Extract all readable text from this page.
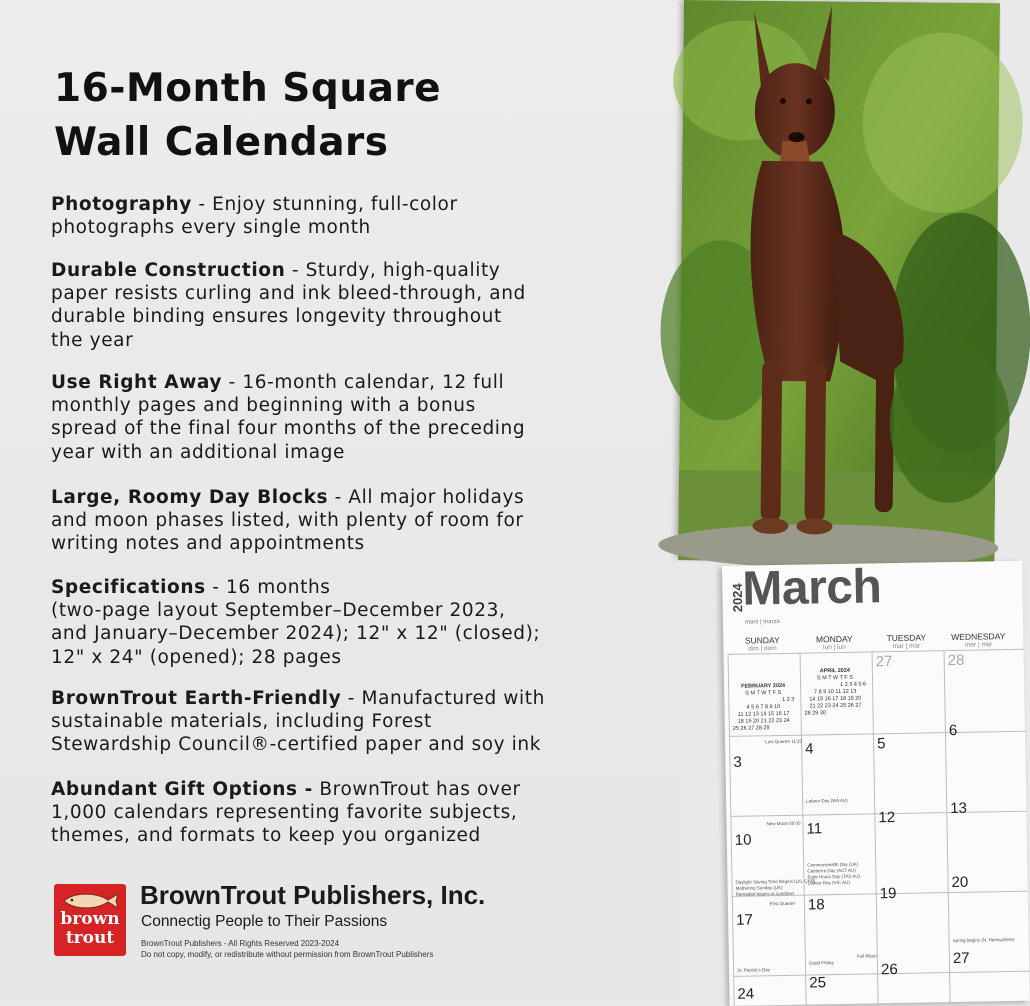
16-Month Square
Wall Calendars
Photography - Enjoy stunning, full-color
photographs every single month
Durable Construction - Sturdy, high-quality
paper resists curling and ink bleed-through, and
durable binding ensures longevity throughout
the year
Use Right Away - 16-month calendar, 12 full
monthly pages and beginning with a bonus
spread of the final four months of the preceding
year with an additional image
Large, Roomy Day Blocks - All major holidays
and moon phases listed, with plenty of room for
writing notes and appointments
Specifications - 16 months
(two-page layout September–December 2023,
and January–December 2024); 12" x 12" (closed);
12" x 24" (opened); 28 pages
BrownTrout Earth-Friendly - Manufactured with
sustainable materials, including Forest
Stewardship Council®-certified paper and soy ink
Abundant Gift Options - BrownTrout has over
1,000 calendars representing favorite subjects,
themes, and formats to keep you organized
brown
trout
BrownTrout Publishers, Inc.
Connectig People to Their Passions
BrownTrout Publishers - All Rights Reserved 2023-2024
Do not copy, modify, or redistribute without permission from BrownTrout Publishers
2024
March
mars | marzo
SUNDAY
dim | dom
MONDAY
lun | lun
TUESDAY
mar | mar
WEDNESDAY
mer | mié
FEBRUARY 2024
S M T W T F S
1 2 3
4 5 6 7 8 9 10
11 12 13 14 15 16 17
18 19 20 21 22 23 24
25 26 27 28 29
APRIL 2024
S M T W T F S
1 2 3 4 5 6
7 8 9 10 11 12 13
14 15 16 17 18 19 20
21 22 23 24 25 26 27
28 29 30
27	28
3
4	5
6
10
11
12
13
17
18
19
20
24
25
26
27
Last Quarter 11:23
Labour Day (WA AU)
New Moon 05:00
Daylight Saving Time Begins (US, CAN)
Mothering Sunday (UK)
Ramadan begins at sundown
Commonwealth Day (UK)
Canberra Day (ACT AU)
Eight Hours Day (TAS AU)
Labour Day (VIC AU)
First Quarter
St. Patrick's Day
Spring begins (N. Hemisphere)
Good Friday
Full Moon
